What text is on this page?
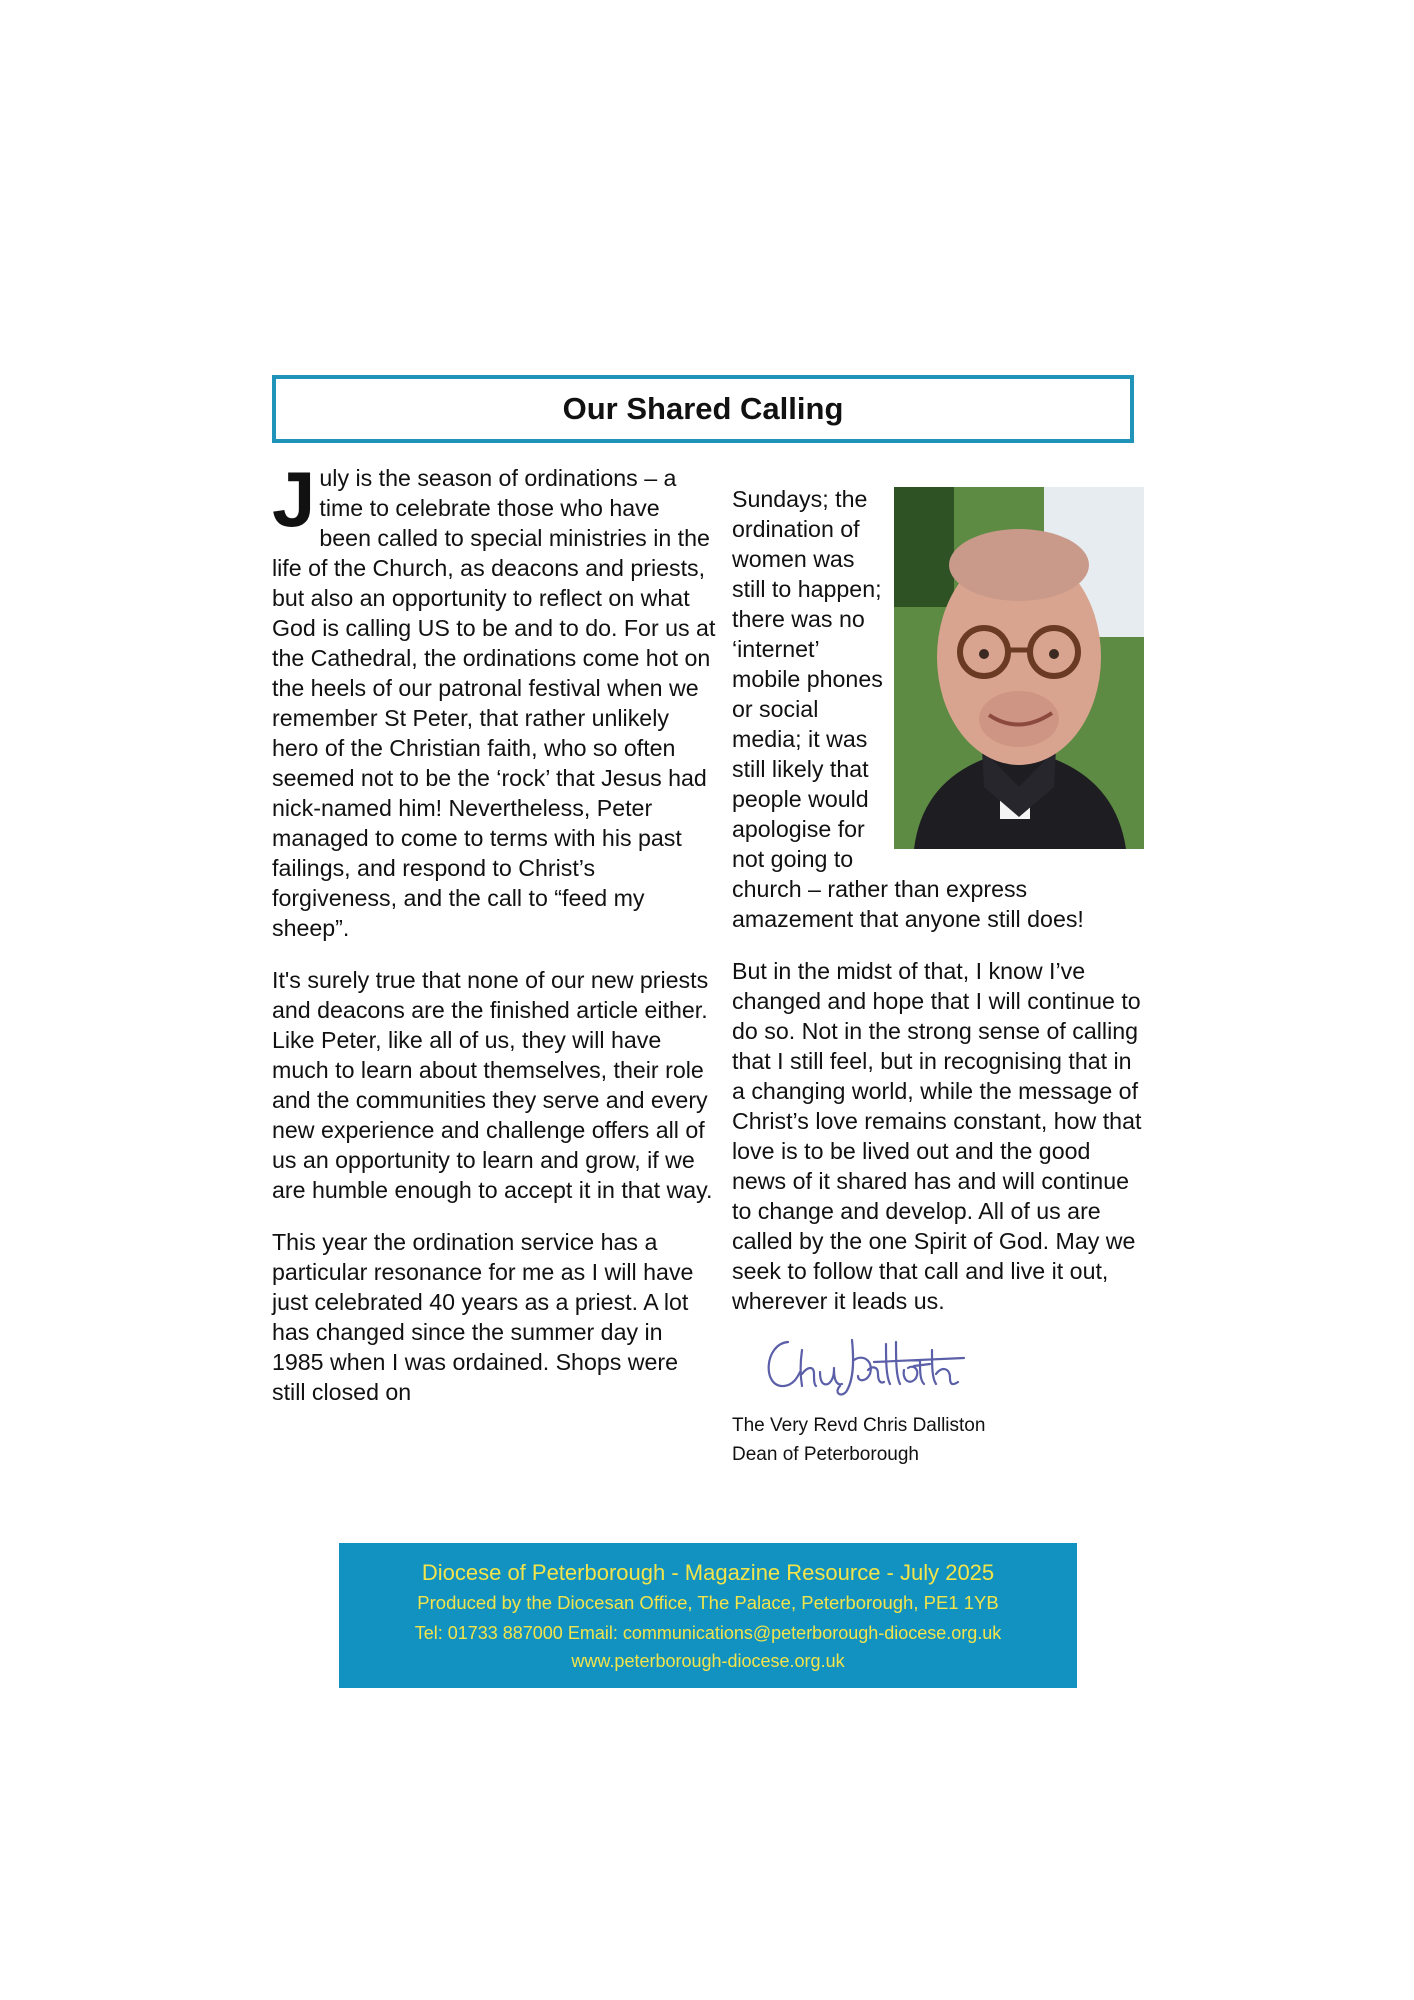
Our Shared Calling

July is the season of ordinations – a time to celebrate those who have been called to special ministries in the life of the Church, as deacons and priests, but also an opportunity to reflect on what God is calling US to be and to do. For us at the Cathedral, the ordinations come hot on the heels of our patronal festival when we remember St Peter, that rather unlikely hero of the Christian faith, who so often seemed not to be the ‘rock’ that Jesus had nick-named him! Nevertheless, Peter managed to come to terms with his past failings, and respond to Christ’s forgiveness, and the call to “feed my sheep”.

It's surely true that none of our new priests and deacons are the finished article either. Like Peter, like all of us, they will have much to learn about themselves, their role and the communities they serve and every new experience and challenge offers all of us an opportunity to learn and grow, if we are humble enough to accept it in that way.

This year the ordination service has a particular resonance for me as I will have just celebrated 40 years as a priest. A lot has changed since the summer day in 1985 when I was ordained. Shops were still closed on

Sundays; the ordination of women was still to happen; there was no ‘internet’ mobile phones or social media; it was still likely that people would apologise for not going to church – rather than express amazement that anyone still does!

But in the midst of that, I know I’ve changed and hope that I will continue to do so. Not in the strong sense of calling that I still feel, but in recognising that in a changing world, while the message of Christ’s love remains constant, how that love is to be lived out and the good news of it shared has and will continue to change and develop. All of us are called by the one Spirit of God. May we seek to follow that call and live it out, wherever it leads us.

The Very Revd Chris Dalliston
Dean of Peterborough
Diocese of Peterborough - Magazine Resource - July 2025
Produced by the Diocesan Office, The Palace, Peterborough, PE1 1YB
Tel: 01733 887000 Email: communications@peterborough-diocese.org.uk
www.peterborough-diocese.org.uk
